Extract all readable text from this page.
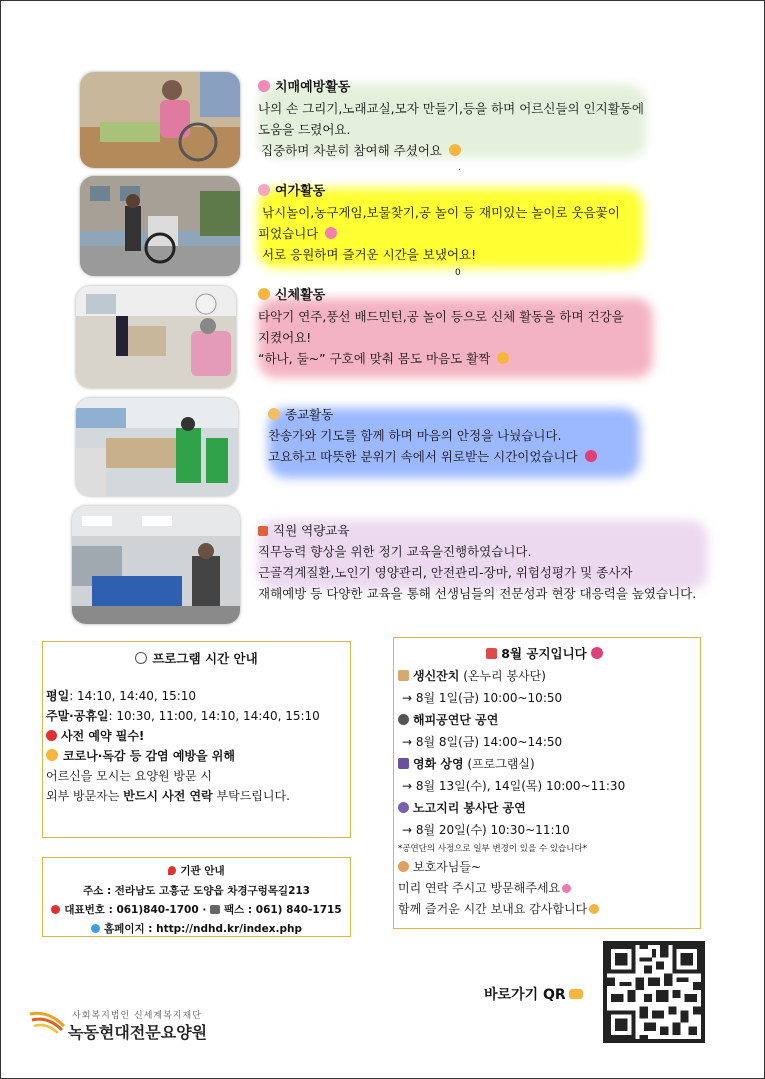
치매예방활동
나의 손 그리기,노래교실,모자 만들기,등을 하며 어르신들의 인지활동에
도움을 드렸어요.
집중하며 차분히 참여해 주셨어요
.
여가활동
낚시놀이,농구게임,보물찾기,공 놀이 등 재미있는 놀이로 웃음꽃이
피었습니다
서로 응원하며 즐거운 시간을 보냈어요!
0
신체활동
타악기 연주,풍선 배드민턴,공 놀이 등으로 신체 활동을 하며 건강을
지켰어요!
“하나, 둘~” 구호에 맞춰 몸도 마음도 활짝
종교활동
찬송가와 기도를 함께 하며 마음의 안정을 나눴습니다.
고요하고 따뜻한 분위기 속에서 위로받는 시간이었습니다
직원 역량교육
직무능력 향상을 위한 정기 교육을진행하였습니다.
근골격계질환,노인기 영양관리, 안전관리-장마, 위험성평가 및 종사자
재해예방 등 다양한 교육을 통해 선생님들의 전문성과 현장 대응력을 높였습니다.
프로그램 시간 안내
평일: 14:10, 14:40, 15:10
주말·공휴일: 10:30, 11:00, 14:10, 14:40, 15:10
사전 예약 필수!
코로나·독감 등 감염 예방을 위해
어르신을 모시는 요양원 방문 시
외부 방문자는 반드시 사전 연락 부탁드립니다.
기관 안내
주소 : 전라남도 고흥군 도양읍 차경구렁목길213
대표번호 : 061)840-1700 · 팩스 : 061) 840-1715
홈페이지 : http://ndhd.kr/index.php
8월 공지입니다
생신잔치 (온누리 봉사단)
→ 8월 1일(금) 10:00~10:50
해피공연단 공연
→ 8월 8일(금) 14:00~14:50
영화 상영 (프로그램실)
→ 8월 13일(수), 14일(목) 10:00~11:30
노고지리 봉사단 공연
→ 8월 20일(수) 10:30~11:10
*공연단의 사정으로 일부 변경이 있을 수 있습니다*
보호자님들~
미리 연락 주시고 방문해주세요
함께 즐거운 시간 보내요 감사합니다
바로가기 QR
사회복지법인 신세계복지재단
녹동현대전문요양원
